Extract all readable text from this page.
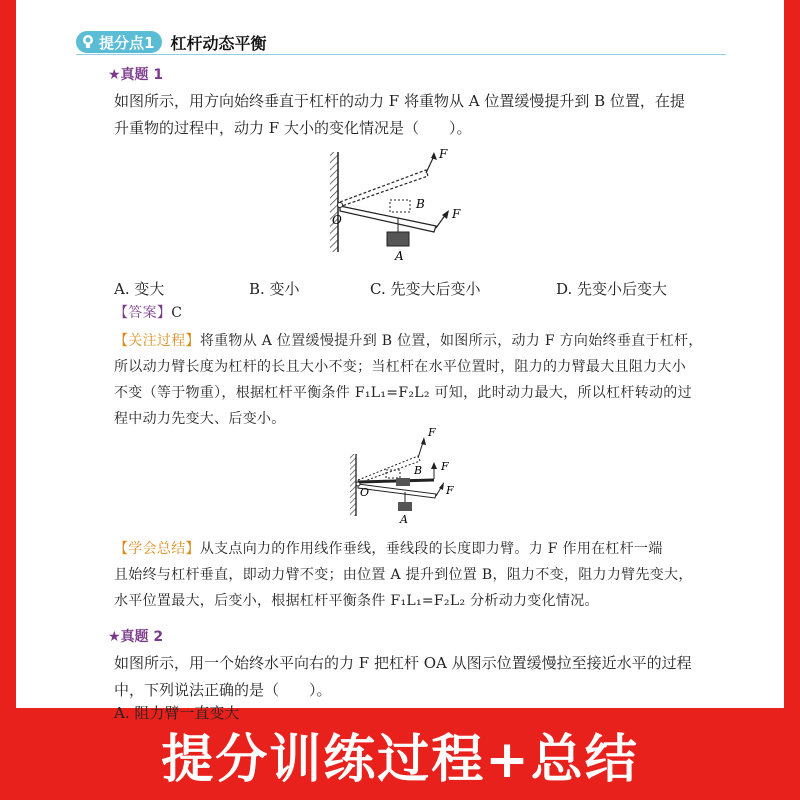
提分点1 杠杆动态平衡
★真题 1
如图所示，用方向始终垂直于杠杆的动力 F 将重物从 A 位置缓慢提升到 B 位置，在提
升重物的过程中，动力 F 大小的变化情况是（　　）。
F
F
O
B
A
A. 变大	B. 变小	C. 先变大后变小	D. 先变小后变大
【答案】C
【关注过程】将重物从 A 位置缓慢提升到 B 位置，如图所示，动力 F 方向始终垂直于杠杆，
所以动力臂长度为杠杆的长且大小不变；当杠杆在水平位置时，阻力的力臂最大且阻力大小
不变（等于物重），根据杠杆平衡条件 F₁L₁=F₂L₂ 可知，此时动力最大，所以杠杆转动的过
程中动力先变大、后变小。
F
F
F
O
B
A
【学会总结】从支点向力的作用线作垂线，垂线段的长度即力臂。力 F 作用在杠杆一端
且始终与杠杆垂直，即动力臂不变；由位置 A 提升到位置 B，阻力不变，阻力力臂先变大，
水平位置最大，后变小，根据杠杆平衡条件 F₁L₁=F₂L₂ 分析动力变化情况。
★真题 2
如图所示，用一个始终水平向右的力 F 把杠杆 OA 从图示位置缓慢拉至接近水平的过程
中，下列说法正确的是（　　）。
A. 阻力臂一直变大
提分训练过程+总结
